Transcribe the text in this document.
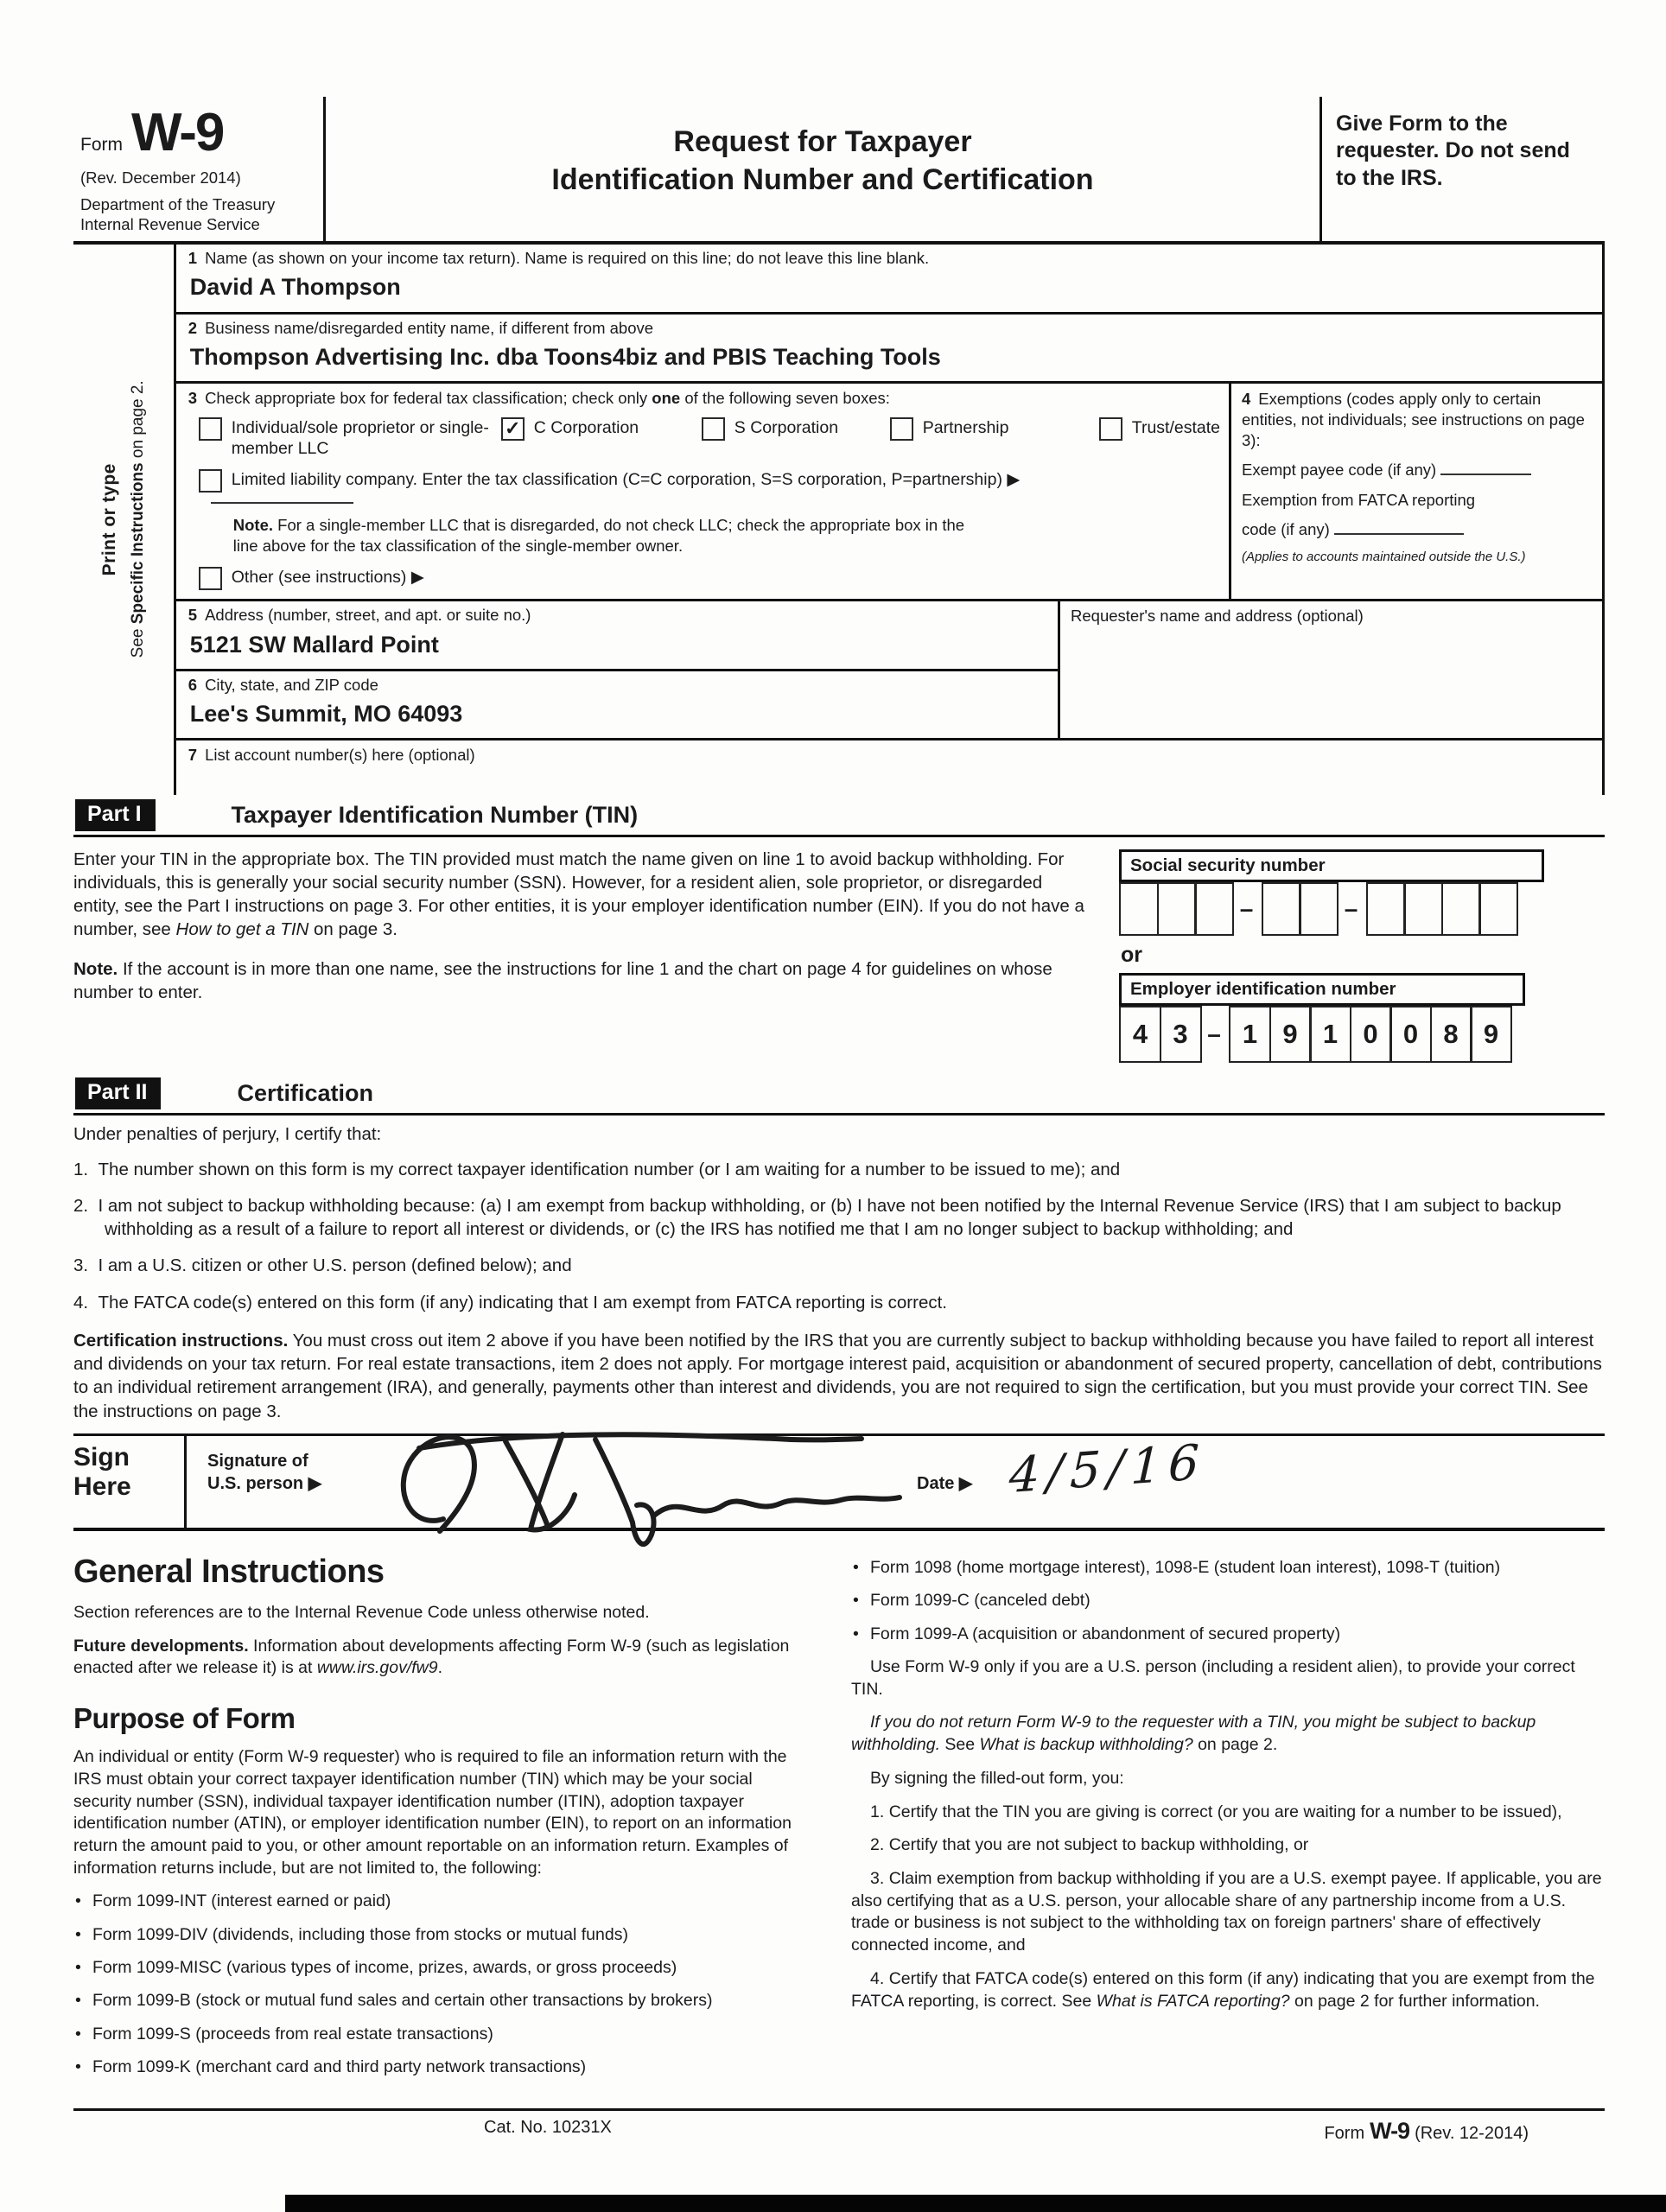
Form W-9
(Rev. December 2014)
Department of the Treasury
Internal Revenue Service
Request for Taxpayer
Identification Number and Certification
Give Form to the requester. Do not send to the IRS.
Print or type
See Specific Instructions on page 2.
1 Name (as shown on your income tax return). Name is required on this line; do not leave this line blank.
David A Thompson
2 Business name/disregarded entity name, if different from above
Thompson Advertising Inc. dba Toons4biz and PBIS Teaching Tools
3 Check appropriate box for federal tax classification; check only one of the following seven boxes:
Individual/sole proprietor or single-member LLC
✓ C Corporation	S Corporation	Partnership	Trust/estate
Limited liability company. Enter the tax classification (C=C corporation, S=S corporation, P=partnership) ▶
Note. For a single-member LLC that is disregarded, do not check LLC; check the appropriate box in the line above for the tax classification of the single-member owner.
Other (see instructions) ▶
4 Exemptions (codes apply only to certain entities, not individuals; see instructions on page 3):
Exempt payee code (if any)
Exemption from FATCA reporting
code (if any)
(Applies to accounts maintained outside the U.S.)
5 Address (number, street, and apt. or suite no.)
5121 SW Mallard Point
6 City, state, and ZIP code
Lee's Summit, MO 64093
Requester's name and address (optional)
7 List account number(s) here (optional)
Part I	Taxpayer Identification Number (TIN)
Enter your TIN in the appropriate box. The TIN provided must match the name given on line 1 to avoid backup withholding. For individuals, this is generally your social security number (SSN). However, for a resident alien, sole proprietor, or disregarded entity, see the Part I instructions on page 3. For other entities, it is your employer identification number (EIN). If you do not have a number, see How to get a TIN on page 3.
Note. If the account is in more than one name, see the instructions for line 1 and the chart on page 4 for guidelines on whose number to enter.
Social security number
–	–
or
Employer identification number
4 3 – 1 9 1 0 0 8 9
Part II	Certification
Under penalties of perjury, I certify that:
1. The number shown on this form is my correct taxpayer identification number (or I am waiting for a number to be issued to me); and
2. I am not subject to backup withholding because: (a) I am exempt from backup withholding, or (b) I have not been notified by the Internal Revenue Service (IRS) that I am subject to backup withholding as a result of a failure to report all interest or dividends, or (c) the IRS has notified me that I am no longer subject to backup withholding; and
3. I am a U.S. citizen or other U.S. person (defined below); and
4. The FATCA code(s) entered on this form (if any) indicating that I am exempt from FATCA reporting is correct.
Certification instructions. You must cross out item 2 above if you have been notified by the IRS that you are currently subject to backup withholding because you have failed to report all interest and dividends on your tax return. For real estate transactions, item 2 does not apply. For mortgage interest paid, acquisition or abandonment of secured property, cancellation of debt, contributions to an individual retirement arrangement (IRA), and generally, payments other than interest and dividends, you are not required to sign the certification, but you must provide your correct TIN. See the instructions on page 3.
Sign
Here
Signature of
U.S. person ▶	Date ▶ 4/5/16
General Instructions
Section references are to the Internal Revenue Code unless otherwise noted.
Future developments. Information about developments affecting Form W-9 (such as legislation enacted after we release it) is at www.irs.gov/fw9.
Purpose of Form
An individual or entity (Form W-9 requester) who is required to file an information return with the IRS must obtain your correct taxpayer identification number (TIN) which may be your social security number (SSN), individual taxpayer identification number (ITIN), adoption taxpayer identification number (ATIN), or employer identification number (EIN), to report on an information return the amount paid to you, or other amount reportable on an information return. Examples of information returns include, but are not limited to, the following:
• Form 1099-INT (interest earned or paid)
• Form 1099-DIV (dividends, including those from stocks or mutual funds)
• Form 1099-MISC (various types of income, prizes, awards, or gross proceeds)
• Form 1099-B (stock or mutual fund sales and certain other transactions by brokers)
• Form 1099-S (proceeds from real estate transactions)
• Form 1099-K (merchant card and third party network transactions)
• Form 1098 (home mortgage interest), 1098-E (student loan interest), 1098-T (tuition)
• Form 1099-C (canceled debt)
• Form 1099-A (acquisition or abandonment of secured property)
Use Form W-9 only if you are a U.S. person (including a resident alien), to provide your correct TIN.
If you do not return Form W-9 to the requester with a TIN, you might be subject to backup withholding. See What is backup withholding? on page 2.
By signing the filled-out form, you:
1. Certify that the TIN you are giving is correct (or you are waiting for a number to be issued),
2. Certify that you are not subject to backup withholding, or
3. Claim exemption from backup withholding if you are a U.S. exempt payee. If applicable, you are also certifying that as a U.S. person, your allocable share of any partnership income from a U.S. trade or business is not subject to the withholding tax on foreign partners' share of effectively connected income, and
4. Certify that FATCA code(s) entered on this form (if any) indicating that you are exempt from the FATCA reporting, is correct. See What is FATCA reporting? on page 2 for further information.
Cat. No. 10231X	Form W-9 (Rev. 12-2014)
